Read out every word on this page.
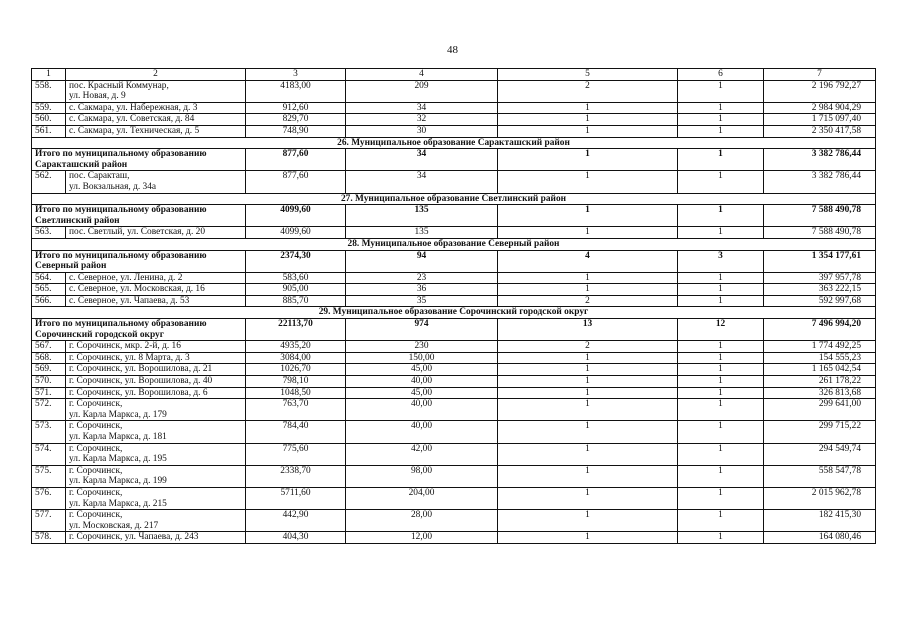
48
1	2	3	4	5	6	7
558.	пос. Красный Коммунар,
ул. Новая, д. 9	4183,00	209	2	1	2 196 792,27
559.	с. Сакмара, ул. Набережная, д. 3	912,60	34	1	1	2 984 904,29
560.	с. Сакмара, ул. Советская, д. 84	829,70	32	1	1	1 715 097,40
561.	с. Сакмара, ул. Техническая, д. 5	748,90	30	1	1	2 350 417,58
26. Муниципальное образование Саракташский район						
Итого по муниципальному образованию
Саракташский район		877,60	34	1	1	3 382 786,44
562.	пос. Саракташ,
ул. Вокзальная, д. 34а	877,60	34	1	1	3 382 786,44
27. Муниципальное образование Светлинский район						
Итого по муниципальному образованию
Светлинский район		4099,60	135	1	1	7 588 490,78
563.	пос. Светлый, ул. Советская, д. 20	4099,60	135	1	1	7 588 490,78
28. Муниципальное образование Северный район						
Итого по муниципальному образованию
Северный район		2374,30	94	4	3	1 354 177,61
564.	с. Северное, ул. Ленина, д. 2	583,60	23	1	1	397 957,78
565.	с. Северное, ул. Московская, д. 16	905,00	36	1	1	363 222,15
566.	с. Северное, ул. Чапаева, д. 53	885,70	35	2	1	592 997,68
29. Муниципальное образование Сорочинский городской округ						
Итого по муниципальному образованию
Сорочинский городской округ		22113,70	974	13	12	7 496 994,20
567.	г. Сорочинск, мкр. 2-й, д. 16	4935,20	230	2	1	1 774 492,25
568.	г. Сорочинск, ул. 8 Марта, д. 3	3084,00	150,00	1	1	154 555,23
569.	г. Сорочинск, ул. Ворошилова, д. 21	1026,70	45,00	1	1	1 165 042,54
570.	г. Сорочинск, ул. Ворошилова, д. 40	798,10	40,00	1	1	261 178,22
571.	г. Сорочинск, ул. Ворошилова, д. 6	1048,50	45,00	1	1	326 813,68
572.	г. Сорочинск,
ул. Карла Маркса, д. 179	763,70	40,00	1	1	299 641,00
573.	г. Сорочинск,
ул. Карла Маркса, д. 181	784,40	40,00	1	1	299 715,22
574.	г. Сорочинск,
ул. Карла Маркса, д. 195	775,60	42,00	1	1	294 549,74
575.	г. Сорочинск,
ул. Карла Маркса, д. 199	2338,70	98,00	1	1	558 547,78
576.	г. Сорочинск,
ул. Карла Маркса, д. 215	5711,60	204,00	1	1	2 015 962,78
577.	г. Сорочинск,
ул. Московская, д. 217	442,90	28,00	1	1	182 415,30
578.	г. Сорочинск, ул. Чапаева, д. 243	404,30	12,00	1	1	164 080,46
